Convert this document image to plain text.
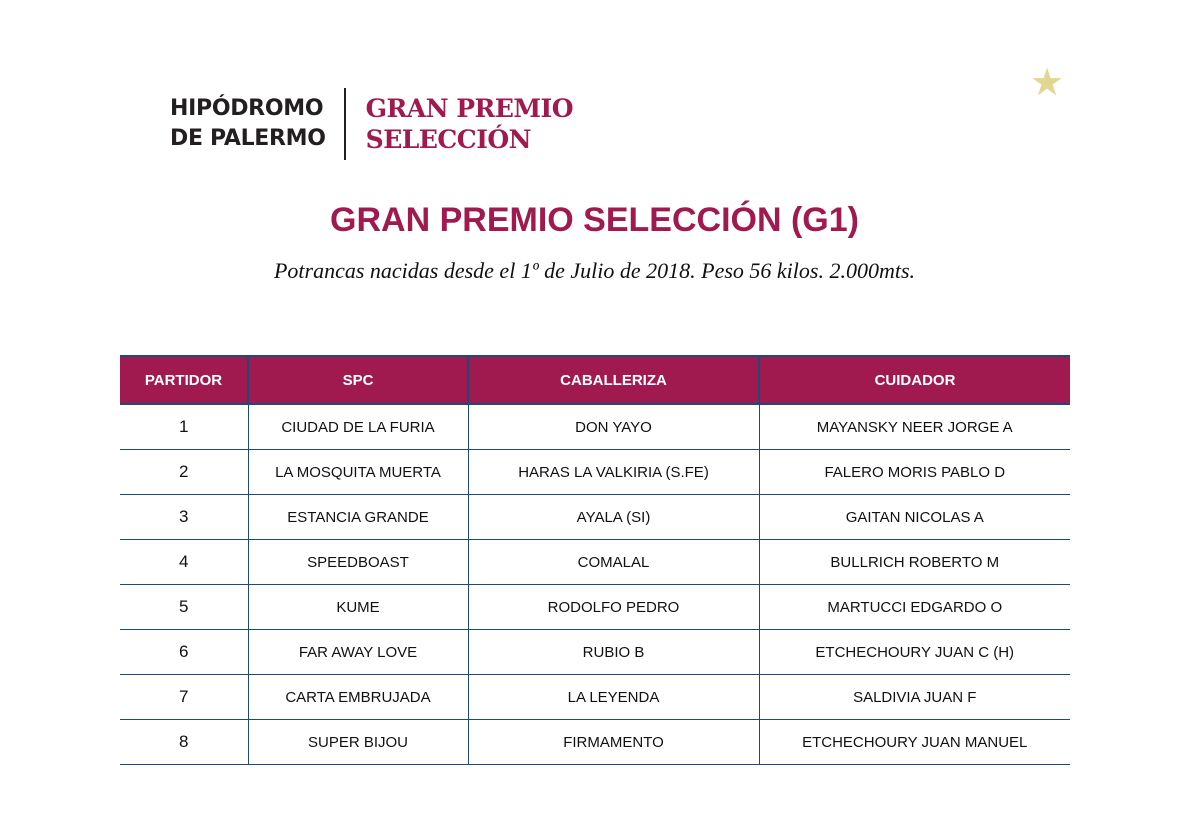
HIPÓDROMO
DE PALERMO
GRAN PREMIO
SELECCIÓN
★
GRAN PREMIO SELECCIÓN (G1)
Potrancas nacidas desde el 1º de Julio de 2018. Peso 56 kilos. 2.000mts.
PARTIDOR	SPC	CABALLERIZA	CUIDADOR
1	CIUDAD DE LA FURIA	DON YAYO	MAYANSKY NEER JORGE A
2	LA MOSQUITA MUERTA	HARAS LA VALKIRIA (S.FE)	FALERO MORIS PABLO D
3	ESTANCIA GRANDE	AYALA (SI)	GAITAN NICOLAS A
4	SPEEDBOAST	COMALAL	BULLRICH ROBERTO M
5	KUME	RODOLFO PEDRO	MARTUCCI EDGARDO O
6	FAR AWAY LOVE	RUBIO B	ETCHECHOURY JUAN C (H)
7	CARTA EMBRUJADA	LA LEYENDA	SALDIVIA JUAN F
8	SUPER BIJOU	FIRMAMENTO	ETCHECHOURY JUAN MANUEL
